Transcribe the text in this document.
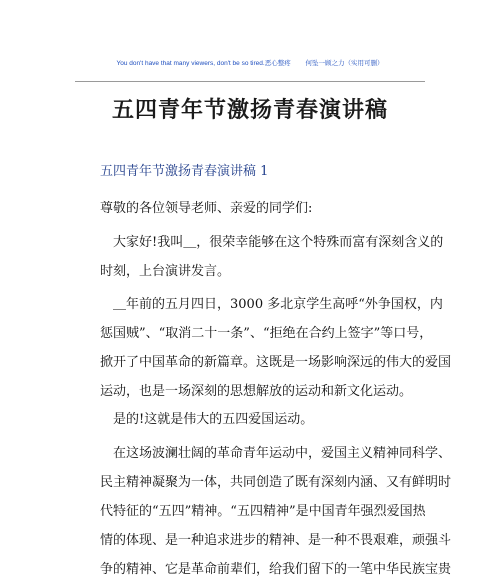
You don't have that many viewers, don't be so tired.恶心整疼　　 何坠一顾之力（实用可删）
五四青年节激扬青春演讲稿
五四青年节激扬青春演讲稿 1
尊敬的各位领导老师、亲爱的同学们:
　大家好!我叫＿，很荣幸能够在这个特殊而富有深刻含义的
时刻，上台演讲发言。
　＿年前的五月四日，3000 多北京学生高呼“外争国权，内
惩国贼”、“取消二十一条”、“拒绝在合约上签字”等口号，
掀开了中国革命的新篇章。这既是一场影响深远的伟大的爱国
运动，也是一场深刻的思想解放的运动和新文化运动。
　是的!这就是伟大的五四爱国运动。
　在这场波澜壮阔的革命青年运动中，爱国主义精神同科学、
民主精神凝聚为一体，共同创造了既有深刻内涵、又有鲜明时
代特征的“五四”精神。“五四精神”是中国青年强烈爱国热
情的体现、是一种追求进步的精神、是一种不畏艰难，顽强斗
争的精神、它是革命前辈们，给我们留下的一笔中华民族宝贵
